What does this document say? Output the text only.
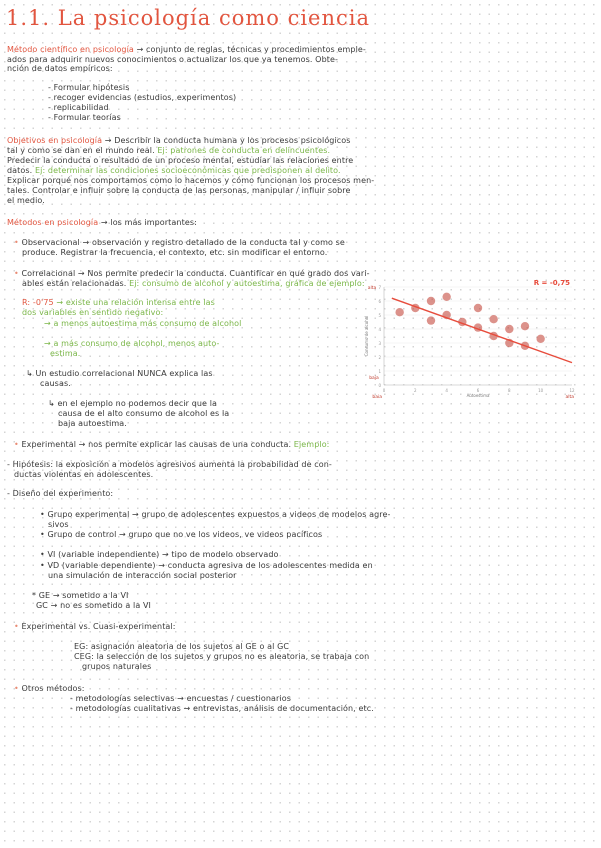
1.1. La psicología como ciencia
Método científico en psicología → conjunto de reglas, técnicas y procedimientos emple-
ados para adquirir nuevos conocimientos o actualizar los que ya tenemos. Obte-
nción de datos empíricos:
- Formular hipótesis
- recoger evidencias (estudios, experimentos)
- replicabilidad
- Formular teorías
Objetivos en psicología → Describir la conducta humana y los procesos psicológicos
tal y como se dan en el mundo real. Ej: patrones de conducta en delincuentes.
Predecir la conducta o resultado de un proceso mental, estudiar las relaciones entre
datos. Ej: determinar las condiciones socioeconómicas que predisponen al delito.
Explicar porqué nos comportamos como lo hacemos y cómo funcionan los procesos men-
tales. Controlar e influir sobre la conducta de las personas, manipular / influir sobre
el medio.
Métodos en psicología → los más importantes:
• Observacional → observación y registro detallado de la conducta tal y como se
produce. Registrar la frecuencia, el contexto, etc. sin modificar el entorno.
• Correlacional → Nos permite predecir la conducta. Cuantificar en qué grado dos vari-
ables están relacionadas. Ej: consumo de alcohol y autoestima, gráfica de ejemplo:
R: -0'75 → existe una relación intensa entre las
dos variables en sentido negativo:
→ a menos autoestima más consumo de alcohol
→ a más consumo de alcohol, menos auto-
estima.
↳ Un estudio correlacional NUNCA explica las
causas.
↳ en el ejemplo no podemos decir que la
causa de el alto consumo de alcohol es la
baja autoestima.
0
1
2
3
4
5
6
7
0	2	4	6	8	10	12
R = -0,75
Autoestima
Consumo de alcohol
baja	alta
baja
alta
• Experimental → nos permite explicar las causas de una conducta. Ejemplo:
- Hipótesis: la exposición a modelos agresivos aumenta la probabilidad de con-
ductas violentas en adolescentes.
- Diseño del experimento:
• Grupo experimental → grupo de adolescentes expuestos a videos de modelos agre-
sivos
• Grupo de control → grupo que no ve los videos, ve videos pacíficos
• VI (variable independiente) → tipo de modelo observado
• VD (variable dependiente) → conducta agresiva de los adolescentes medida en
una simulación de interacción social posterior
* GE → sometido a la VI
GC → no es sometido a la VI
• Experimental vs. Cuasi-experimental:
EG: asignación aleatoria de los sujetos al GE o al GC
CEG: la selección de los sujetos y grupos no es aleatoria, se trabaja con
grupos naturales
• Otros métodos:
- metodologías selectivas → encuestas / cuestionarios
- metodologías cualitativas → entrevistas, análisis de documentación, etc.
